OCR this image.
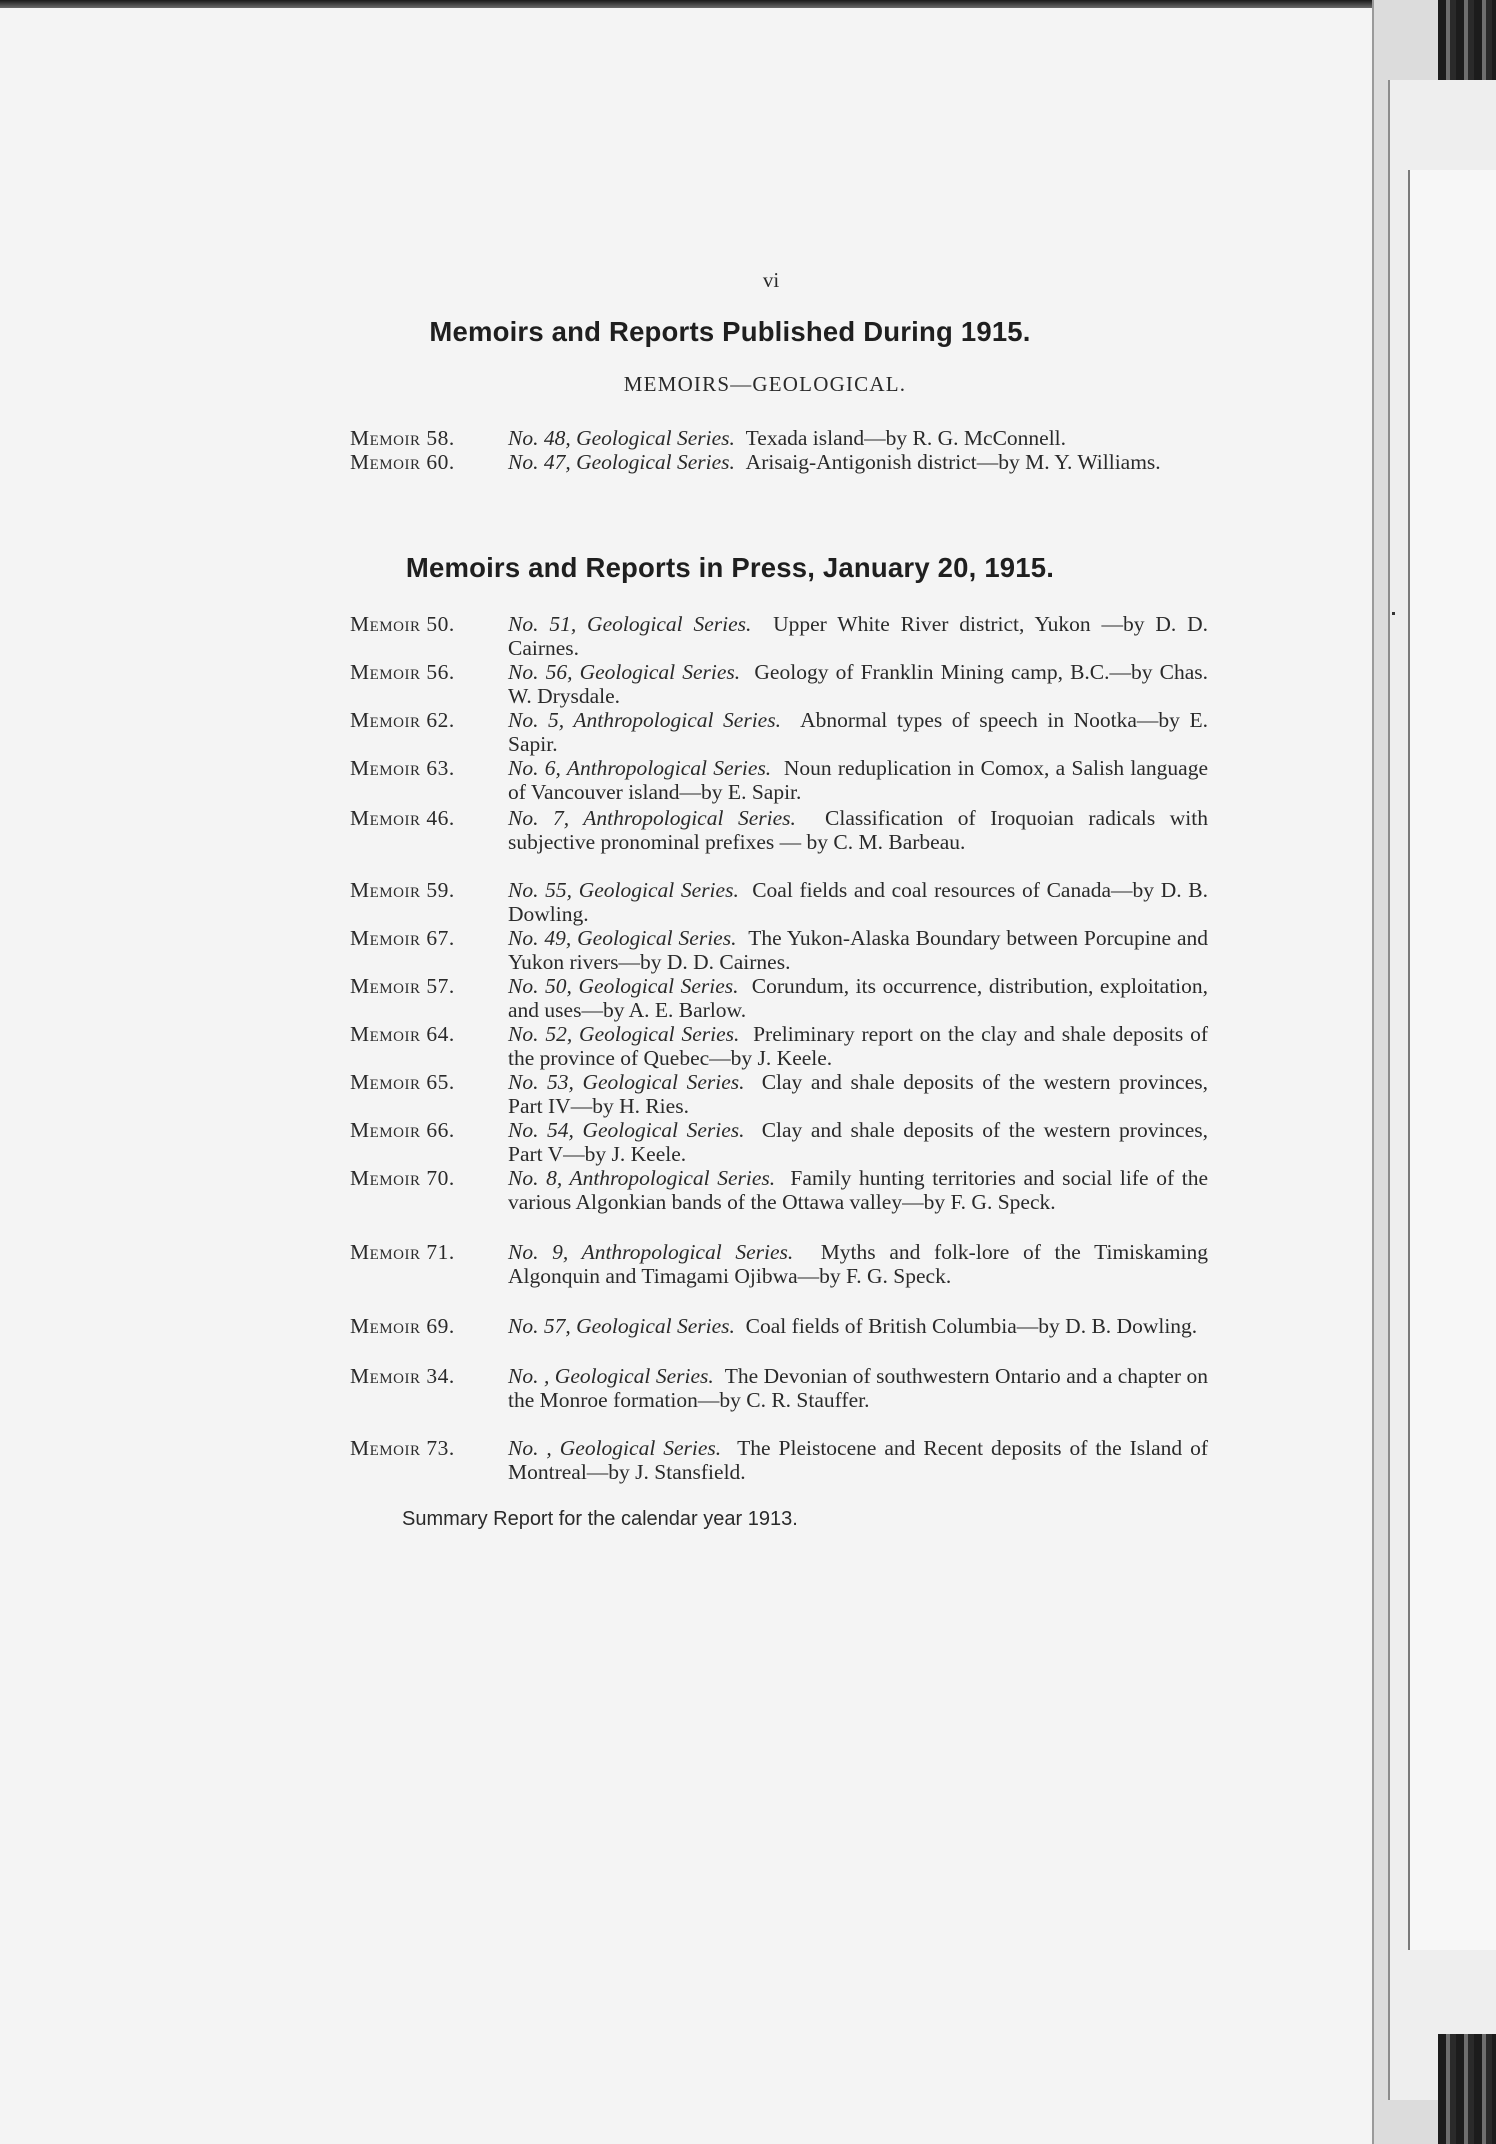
vi
Memoirs and Reports Published During 1915.
MEMOIRS—GEOLOGICAL.
Memoir 58.	No. 48, Geological Series. Texada island—by R. G. McConnell.
Memoir 60.	No. 47, Geological Series. Arisaig-Antigonish district—by M. Y. Williams.
Memoirs and Reports in Press, January 20, 1915.
Memoir 50.	No. 51, Geological Series. Upper White River district, Yukon —by D. D. Cairnes.
Memoir 56.	No. 56, Geological Series. Geology of Franklin Mining camp, B.C.—by Chas. W. Drysdale.
Memoir 62.	No. 5, Anthropological Series. Abnormal types of speech in Nootka—by E. Sapir.
Memoir 63.	No. 6, Anthropological Series. Noun reduplication in Comox, a Salish language of Vancouver island—by E. Sapir.
Memoir 46.	No. 7, Anthropological Series. Classification of Iroquoian radicals with subjective pronominal prefixes — by C. M. Barbeau.
Memoir 59.	No. 55, Geological Series. Coal fields and coal resources of Canada—by D. B. Dowling.
Memoir 67.	No. 49, Geological Series. The Yukon-Alaska Boundary between Porcupine and Yukon rivers—by D. D. Cairnes.
Memoir 57.	No. 50, Geological Series. Corundum, its occurrence, distribution, exploitation, and uses—by A. E. Barlow.
Memoir 64.	No. 52, Geological Series. Preliminary report on the clay and shale deposits of the province of Quebec—by J. Keele.
Memoir 65.	No. 53, Geological Series. Clay and shale deposits of the western provinces, Part IV—by H. Ries.
Memoir 66.	No. 54, Geological Series. Clay and shale deposits of the western provinces, Part V—by J. Keele.
Memoir 70.	No. 8, Anthropological Series. Family hunting territories and social life of the various Algonkian bands of the Ottawa valley—by F. G. Speck.
Memoir 71.	No. 9, Anthropological Series. Myths and folk-lore of the Timiskaming Algonquin and Timagami Ojibwa—by F. G. Speck.
Memoir 69.	No. 57, Geological Series. Coal fields of British Columbia—by D. B. Dowling.
Memoir 34.	No. , Geological Series. The Devonian of southwestern Ontario and a chapter on the Monroe formation—by C. R. Stauffer.
Memoir 73.	No. , Geological Series. The Pleistocene and Recent deposits of the Island of Montreal—by J. Stansfield.
Summary Report for the calendar year 1913.
